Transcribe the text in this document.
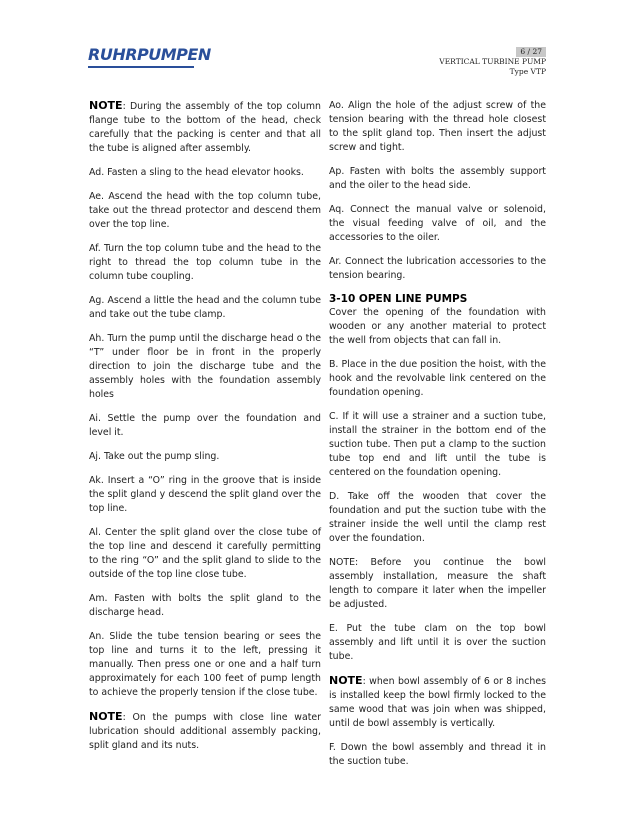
RUHRPUMPEN	6 / 27
VERTICAL TURBINE PUMP
Type VTP

NOTE: During the assembly of the top column flange tube to the bottom of the head, check carefully that the packing is center and that all the tube is aligned after assembly.

Ad. Fasten a sling to the head elevator hooks.

Ae. Ascend the head with the top column tube, take out the thread protector and descend them over the top line.

Af. Turn the top column tube and the head to the right to thread the top column tube in the column tube coupling.

Ag. Ascend a little the head and the column tube and take out the tube clamp.

Ah. Turn the pump until the discharge head o the “T” under floor be in front in the properly direction to join the discharge tube and the assembly holes with the foundation assembly holes

Ai. Settle the pump over the foundation and level it.

Aj. Take out the pump sling.

Ak. Insert a “O” ring in the groove that is inside the split gland y descend the split gland over the top line.

Al. Center the split gland over the close tube of the top line and descend it carefully permitting to the ring “O” and the split gland to slide to the outside of the top line close tube.

Am. Fasten with bolts the split gland to the discharge head.

An. Slide the tube tension bearing or sees the top line and turns it to the left, pressing it manually. Then press one or one and a half turn approximately for each 100 feet of pump length to achieve the properly tension if the close tube.

NOTE: On the pumps with close line water lubrication should additional assembly packing, split gland and its nuts.

Ao. Align the hole of the adjust screw of the tension bearing with the thread hole closest to the split gland top. Then insert the adjust screw and tight.

Ap. Fasten with bolts the assembly support and the oiler to the head side.

Aq. Connect the manual valve or solenoid, the visual feeding valve of oil, and the accessories to the oiler.

Ar. Connect the lubrication accessories to the tension bearing.

3-10 OPEN LINE PUMPS
Cover the opening of the foundation with wooden or any another material to protect the well from objects that can fall in.

B. Place in the due position the hoist, with the hook and the revolvable link centered on the foundation opening.

C. If it will use a strainer and a suction tube, install the strainer in the bottom end of the suction tube. Then put a clamp to the suction tube top end and lift until the tube is centered on the foundation opening.

D. Take off the wooden that cover the foundation and put the suction tube with the strainer inside the well until the clamp rest over the foundation.

NOTE: Before you continue the bowl assembly installation, measure the shaft length to compare it later when the impeller be adjusted.

E. Put the tube clam on the top bowl assembly and lift until it is over the suction tube.

NOTE: when bowl assembly of 6 or 8 inches is installed keep the bowl firmly locked to the same wood that was join when was shipped, until de bowl assembly is vertically.

F. Down the bowl assembly and thread it in the suction tube.
